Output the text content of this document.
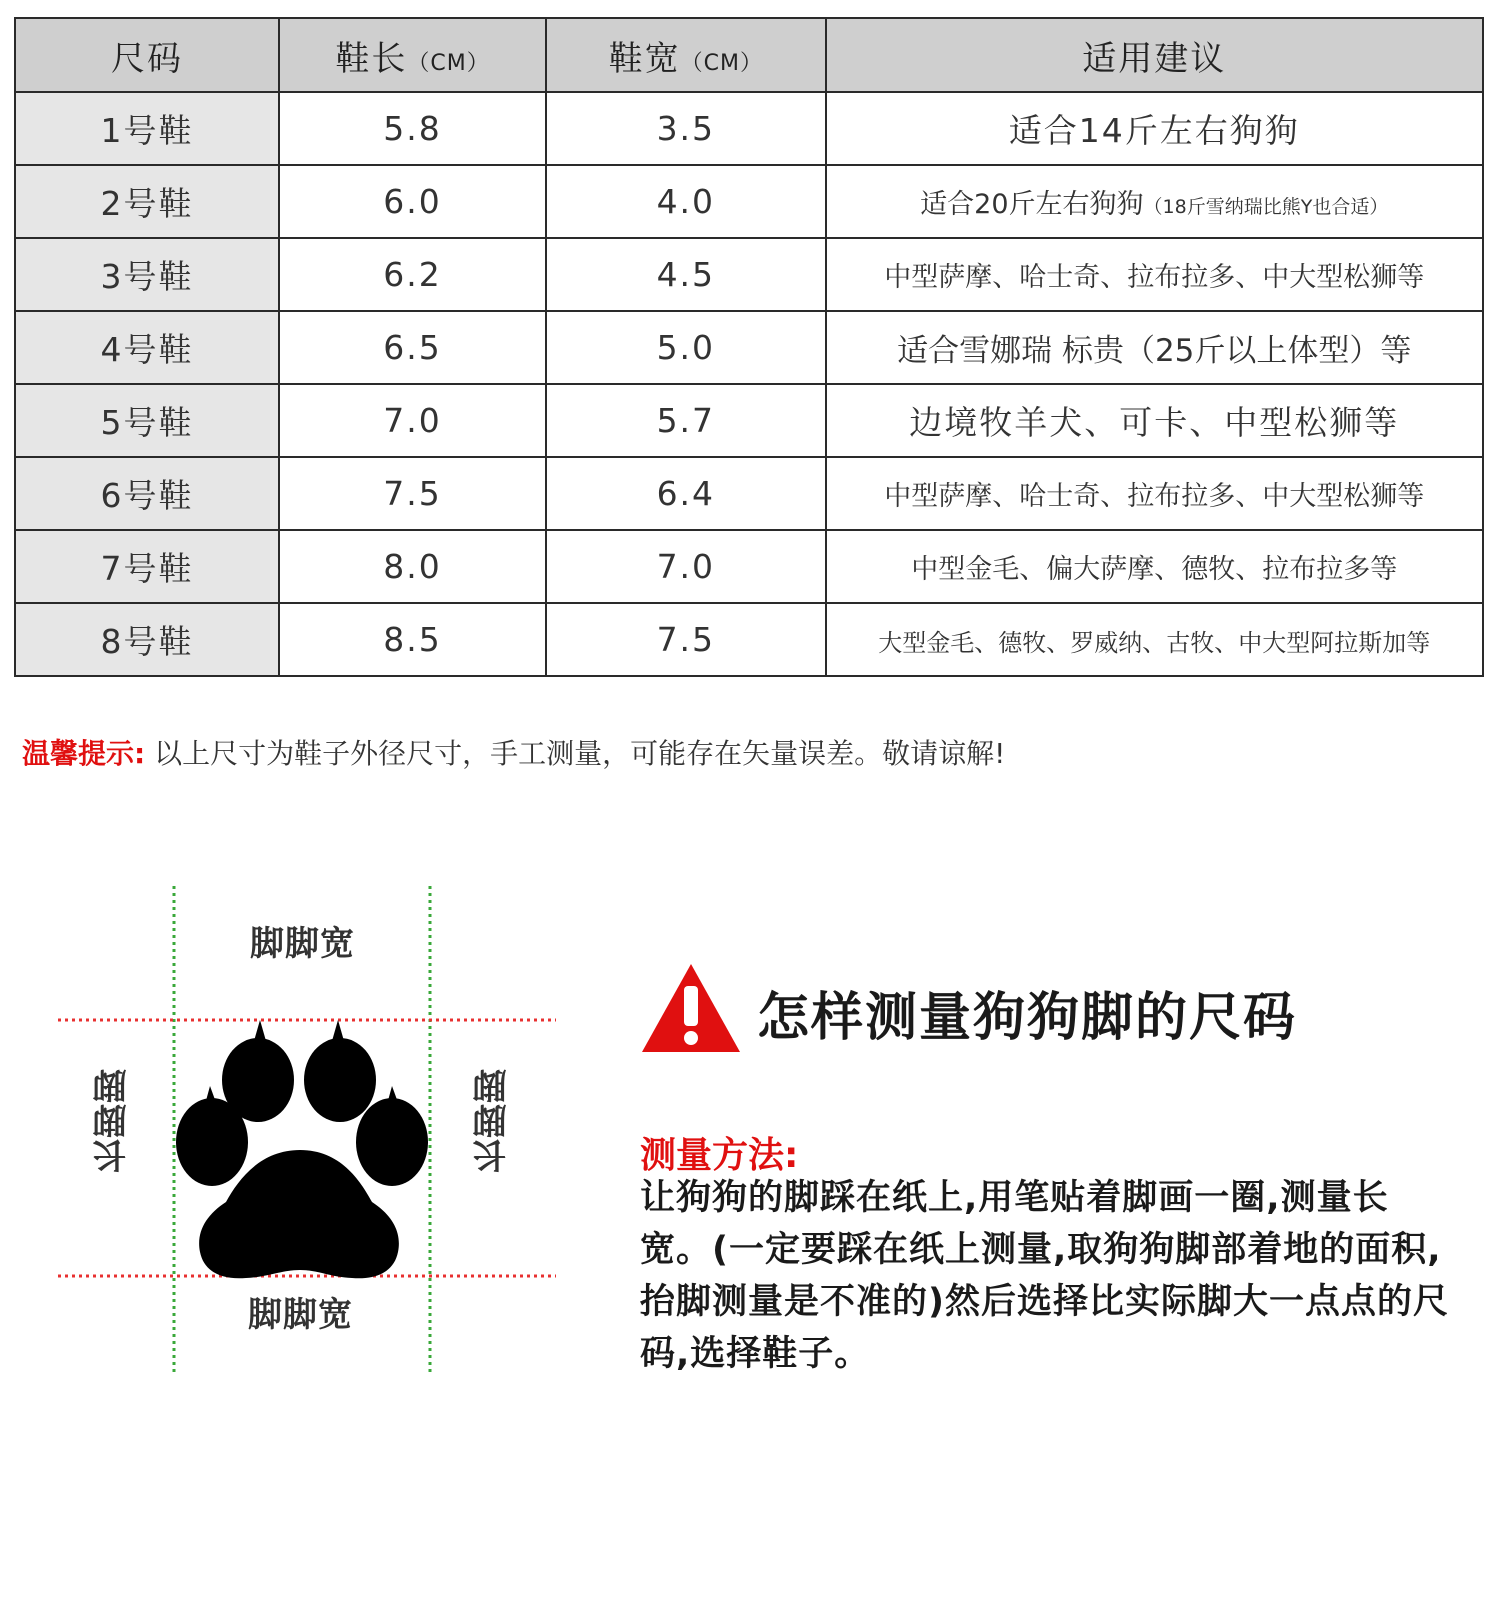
尺码	鞋长（CM）	鞋宽（CM）	适用建议
1号鞋	5.8	3.5	适合14斤左右狗狗
2号鞋	6.0	4.0	适合20斤左右狗狗（18斤雪纳瑞比熊Y也合适）
3号鞋	6.2	4.5	中型萨摩、哈士奇、拉布拉多、中大型松狮等
4号鞋	6.5	5.0	适合雪娜瑞 标贵（25斤以上体型）等
5号鞋	7.0	5.7	边境牧羊犬、可卡、中型松狮等
6号鞋	7.5	6.4	中型萨摩、哈士奇、拉布拉多、中大型松狮等
7号鞋	8.0	7.0	中型金毛、偏大萨摩、德牧、拉布拉多等
8号鞋	8.5	7.5	大型金毛、德牧、罗威纳、古牧、中大型阿拉斯加等
温馨提示: 以上尺寸为鞋子外径尺寸，手工测量，可能存在矢量误差。敬请谅解!
脚脚宽
脚脚宽
长脚脚	长脚脚
怎样测量狗狗脚的尺码
测量方法:
让狗狗的脚踩在纸上,用笔贴着脚画一圈,测量长宽。(一定要踩在纸上测量,取狗狗脚部着地的面积,抬脚测量是不准的)然后选择比实际脚大一点点的尺码,选择鞋子。
